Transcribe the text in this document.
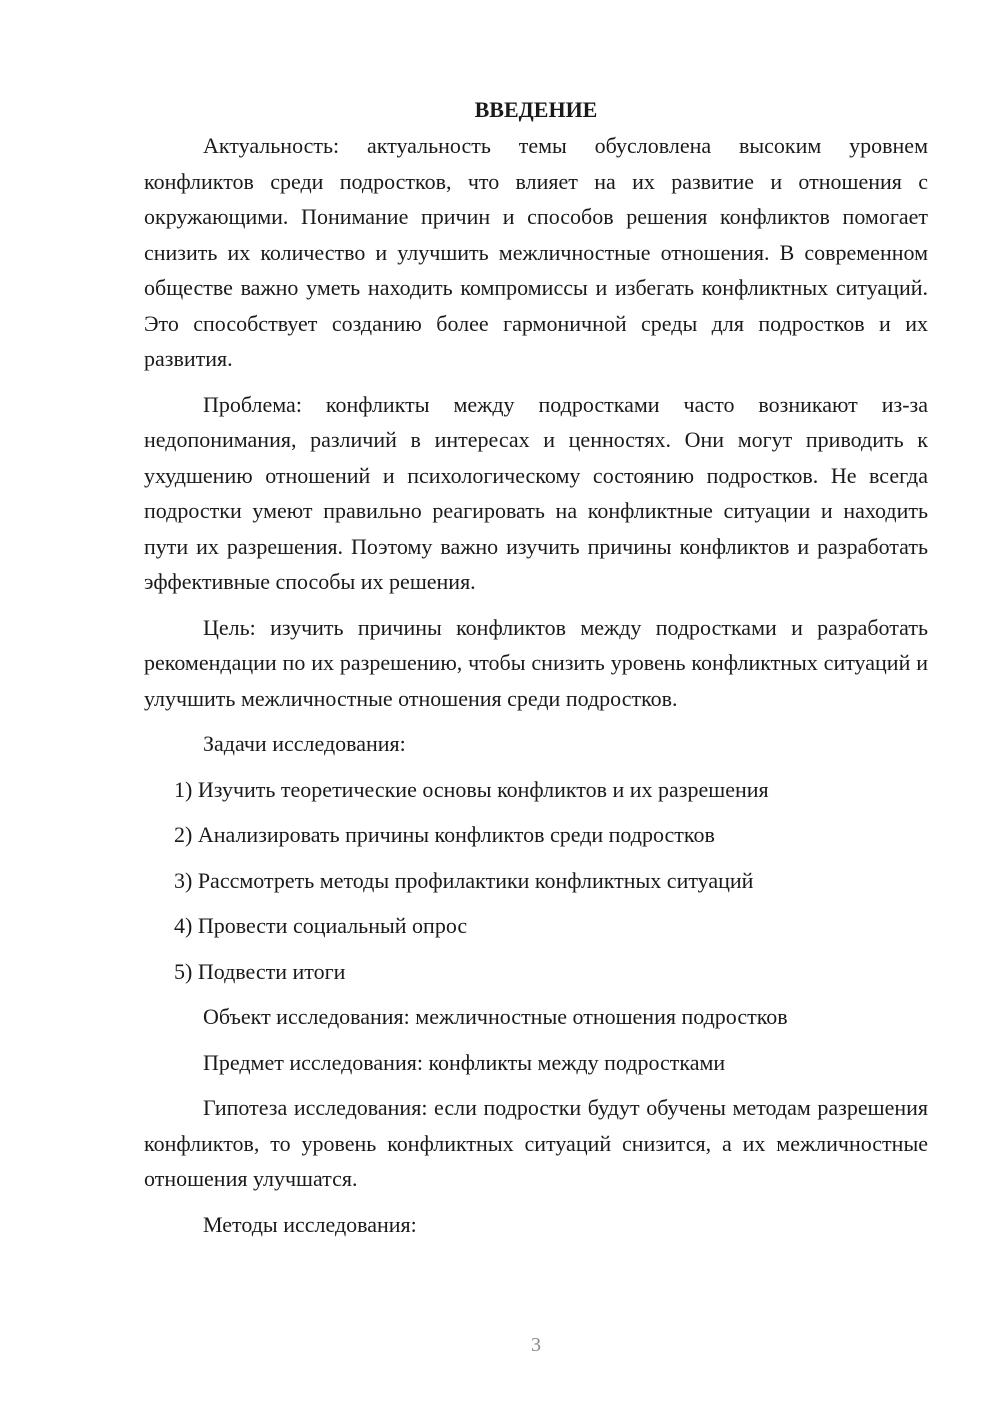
ВВЕДЕНИЕ

Актуальность: актуальность темы обусловлена высоким уровнем конфликтов среди подростков, что влияет на их развитие и отношения с окружающими. Понимание причин и способов решения конфликтов помогает снизить их количество и улучшить межличностные отношения. В современном обществе важно уметь находить компромиссы и избегать конфликтных ситуаций. Это способствует созданию более гармоничной среды для подростков и их развития.

Проблема: конфликты между подростками часто возникают из-за недопонимания, различий в интересах и ценностях. Они могут приводить к ухудшению отношений и психологическому состоянию подростков. Не всегда подростки умеют правильно реагировать на конфликтные ситуации и находить пути их разрешения. Поэтому важно изучить причины конфликтов и разработать эффективные способы их решения.

Цель: изучить причины конфликтов между подростками и разработать рекомендации по их разрешению, чтобы снизить уровень конфликтных ситуаций и улучшить межличностные отношения среди подростков.

Задачи исследования:

1) Изучить теоретические основы конфликтов и их разрешения

2) Анализировать причины конфликтов среди подростков

3) Рассмотреть методы профилактики конфликтных ситуаций

4) Провести социальный опрос

5) Подвести итоги

Объект исследования: межличностные отношения подростков

Предмет исследования: конфликты между подростками

Гипотеза исследования: если подростки будут обучены методам разрешения конфликтов, то уровень конфликтных ситуаций снизится, а их межличностные отношения улучшатся.

Методы исследования:

3
